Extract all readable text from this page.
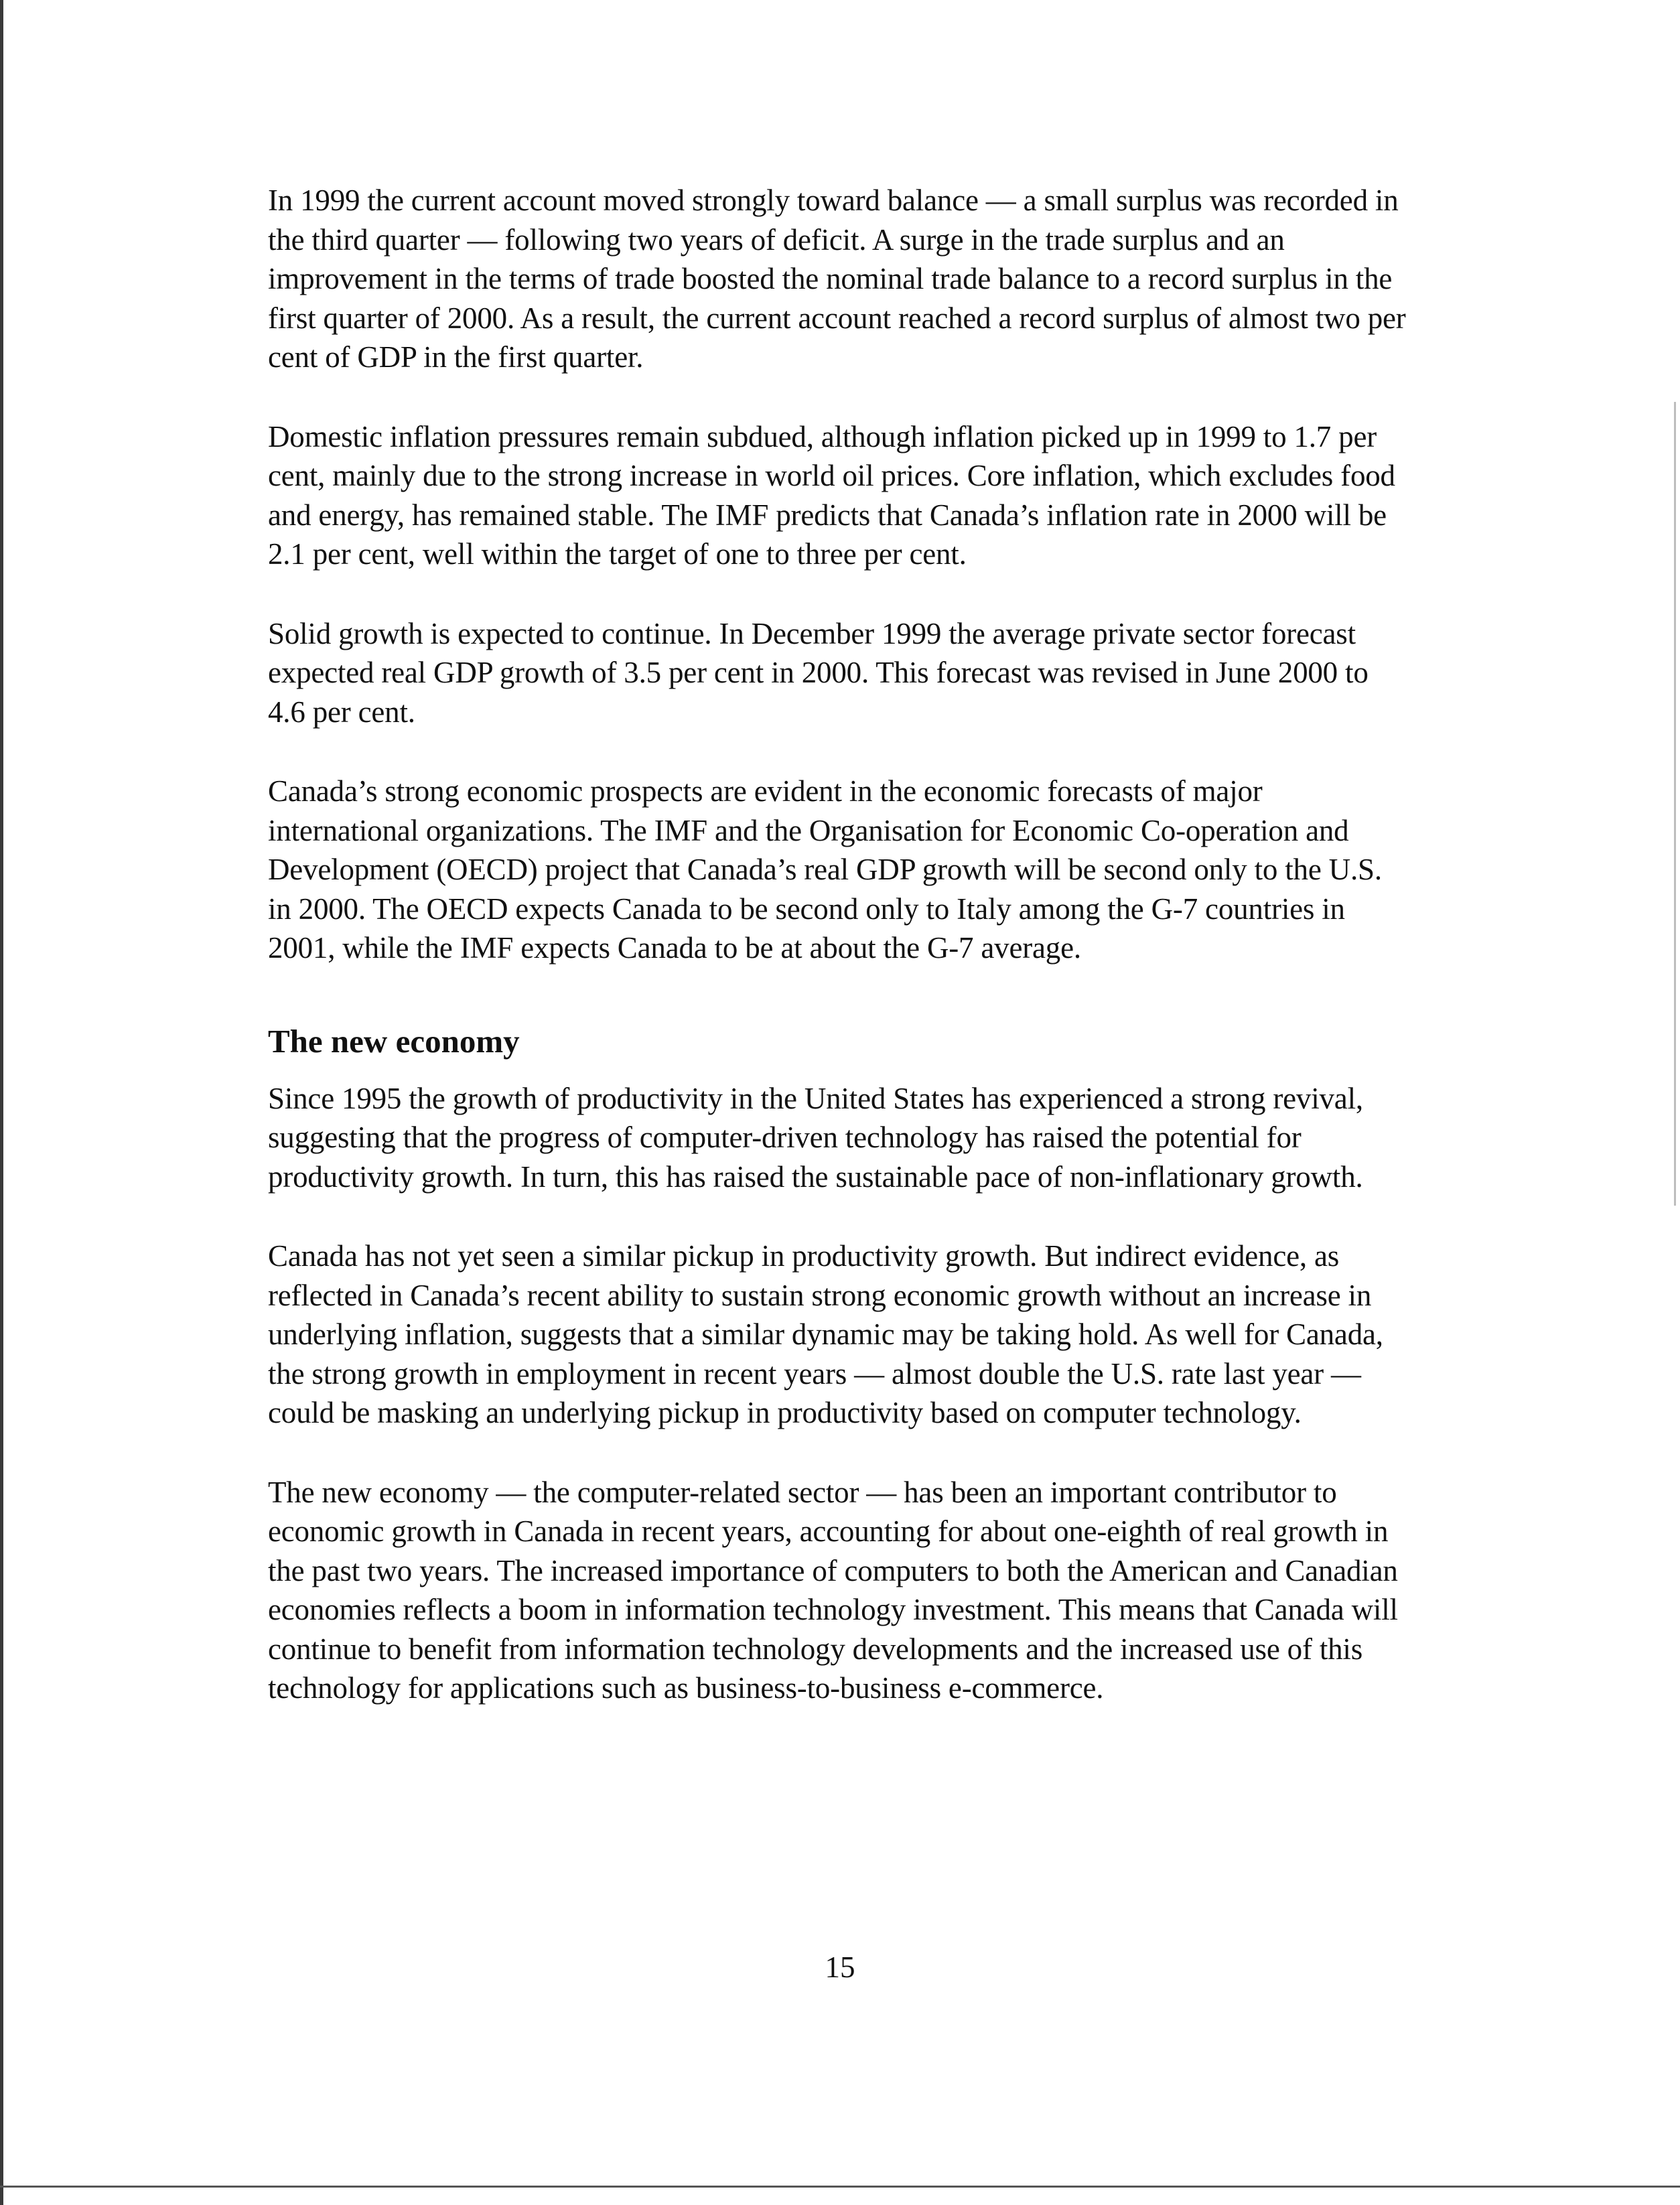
In 1999 the current account moved strongly toward balance — a small surplus was recorded in the third quarter — following two years of deficit. A surge in the trade surplus and an improvement in the terms of trade boosted the nominal trade balance to a record surplus in the first quarter of 2000. As a result, the current account reached a record surplus of almost two per cent of GDP in the first quarter.

Domestic inflation pressures remain subdued, although inflation picked up in 1999 to 1.7 per cent, mainly due to the strong increase in world oil prices. Core inflation, which excludes food and energy, has remained stable. The IMF predicts that Canada’s inflation rate in 2000 will be 2.1 per cent, well within the target of one to three per cent.

Solid growth is expected to continue. In December 1999 the average private sector forecast expected real GDP growth of 3.5 per cent in 2000. This forecast was revised in June 2000 to 4.6 per cent.

Canada’s strong economic prospects are evident in the economic forecasts of major international organizations. The IMF and the Organisation for Economic Co-operation and Development (OECD) project that Canada’s real GDP growth will be second only to the U.S. in 2000. The OECD expects Canada to be second only to Italy among the G-7 countries in 2001, while the IMF expects Canada to be at about the G-7 average.

The new economy

Since 1995 the growth of productivity in the United States has experienced a strong revival, suggesting that the progress of computer-driven technology has raised the potential for productivity growth. In turn, this has raised the sustainable pace of non-inflationary growth.

Canada has not yet seen a similar pickup in productivity growth. But indirect evidence, as reflected in Canada’s recent ability to sustain strong economic growth without an increase in underlying inflation, suggests that a similar dynamic may be taking hold. As well for Canada, the strong growth in employment in recent years — almost double the U.S. rate last year — could be masking an underlying pickup in productivity based on computer technology.

The new economy — the computer-related sector — has been an important contributor to economic growth in Canada in recent years, accounting for about one-eighth of real growth in the past two years. The increased importance of computers to both the American and Canadian economies reflects a boom in information technology investment. This means that Canada will continue to benefit from information technology developments and the increased use of this technology for applications such as business-to-business e-commerce.

15
